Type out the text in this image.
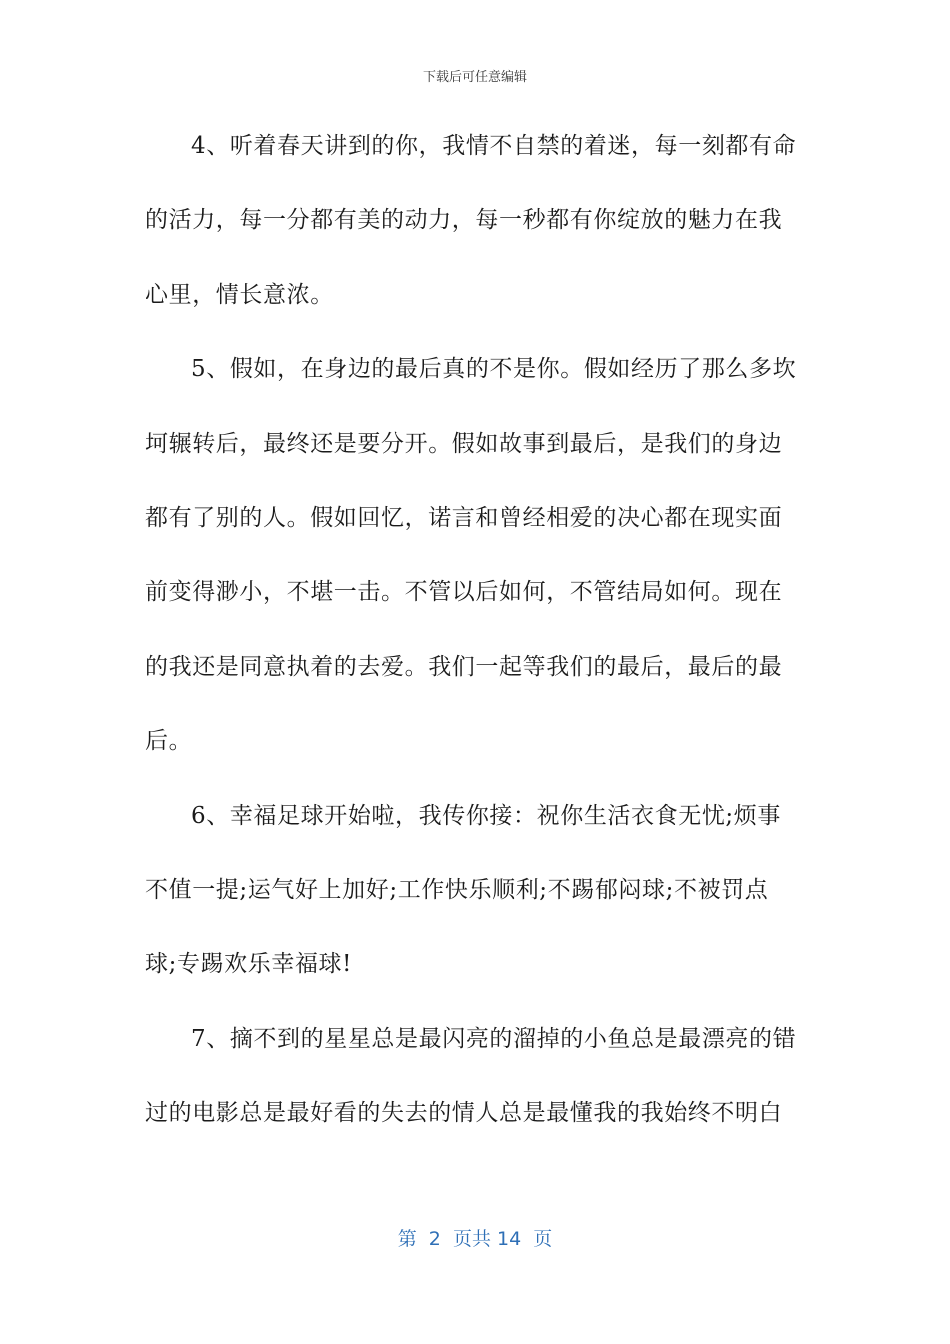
下载后可任意编辑
4、听着春天讲到的你，我情不自禁的着迷，每一刻都有命
的活力，每一分都有美的动力，每一秒都有你绽放的魅力在我
心里，情长意浓。
5、假如，在身边的最后真的不是你。假如经历了那么多坎
坷辗转后，最终还是要分开。假如故事到最后，是我们的身边
都有了别的人。假如回忆，诺言和曾经相爱的决心都在现实面
前变得渺小，不堪一击。不管以后如何，不管结局如何。现在
的我还是同意执着的去爱。我们一起等我们的最后，最后的最
后。
6、幸福足球开始啦，我传你接：祝你生活衣食无忧;烦事
不值一提;运气好上加好;工作快乐顺利;不踢郁闷球;不被罚点
球;专踢欢乐幸福球!
7、摘不到的星星总是最闪亮的溜掉的小鱼总是最漂亮的错
过的电影总是最好看的失去的情人总是最懂我的我始终不明白
第  2  页共 14  页
